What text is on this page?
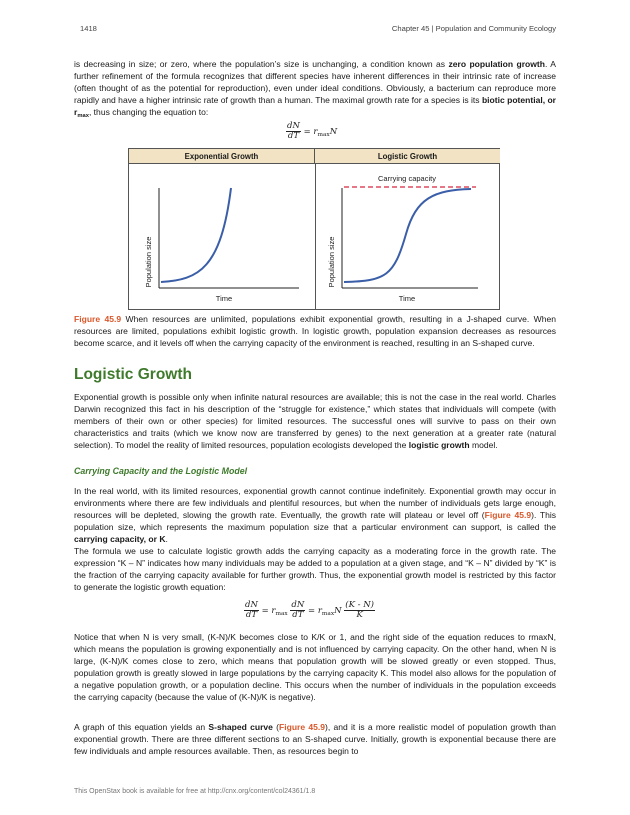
1418	Chapter 45 | Population and Community Ecology

is decreasing in size; or zero, where the population’s size is unchanging, a condition known as zero population growth. A further refinement of the formula recognizes that different species have inherent differences in their intrinsic rate of increase (often thought of as the potential for reproduction), even under ideal conditions. Obviously, a bacterium can reproduce more rapidly and have a higher intrinsic rate of growth than a human. The maximal growth rate for a species is its biotic potential, or $r_{max}$, thus changing the equation to:

$\frac{dN}{dT} = r_{max}N$
Exponential Growth	Logistic Growth
Population size
Time
Population size
Carrying capacity
Time

Figure 45.9 When resources are unlimited, populations exhibit exponential growth, resulting in a J-shaped curve. When resources are limited, populations exhibit logistic growth. In logistic growth, population expansion decreases as resources become scarce, and it levels off when the carrying capacity of the environment is reached, resulting in an S-shaped curve.

Logistic Growth

Exponential growth is possible only when infinite natural resources are available; this is not the case in the real world. Charles Darwin recognized this fact in his description of the “struggle for existence,” which states that individuals will compete (with members of their own or other species) for limited resources. The successful ones will survive to pass on their own characteristics and traits (which we know now are transferred by genes) to the next generation at a greater rate (natural selection). To model the reality of limited resources, population ecologists developed the logistic growth model.

Carrying Capacity and the Logistic Model

In the real world, with its limited resources, exponential growth cannot continue indefinitely. Exponential growth may occur in environments where there are few individuals and plentiful resources, but when the number of individuals gets large enough, resources will be depleted, slowing the growth rate. Eventually, the growth rate will plateau or level off (Figure 45.9). This population size, which represents the maximum population size that a particular environment can support, is called the carrying capacity, or K.

The formula we use to calculate logistic growth adds the carrying capacity as a moderating force in the growth rate. The expression “K – N” indicates how many individuals may be added to a population at a given stage, and “K – N” divided by “K” is the fraction of the carrying capacity available for further growth. Thus, the exponential growth model is restricted by this factor to generate the logistic growth equation:

$\frac{dN}{dT} = r_{max} \frac{dN}{dT} = r_{max}N \frac{(K - N)}{K}$

Notice that when N is very small, (K-N)/K becomes close to K/K or 1, and the right side of the equation reduces to rmaxN, which means the population is growing exponentially and is not influenced by carrying capacity. On the other hand, when N is large, (K-N)/K comes close to zero, which means that population growth will be slowed greatly or even stopped. Thus, population growth is greatly slowed in large populations by the carrying capacity K. This model also allows for the population of a negative population growth, or a population decline. This occurs when the number of individuals in the population exceeds the carrying capacity (because the value of (K-N)/K is negative).

A graph of this equation yields an S-shaped curve (Figure 45.9), and it is a more realistic model of population growth than exponential growth. There are three different sections to an S-shaped curve. Initially, growth is exponential because there are few individuals and ample resources available. Then, as resources begin to

This OpenStax book is available for free at http://cnx.org/content/col24361/1.8
